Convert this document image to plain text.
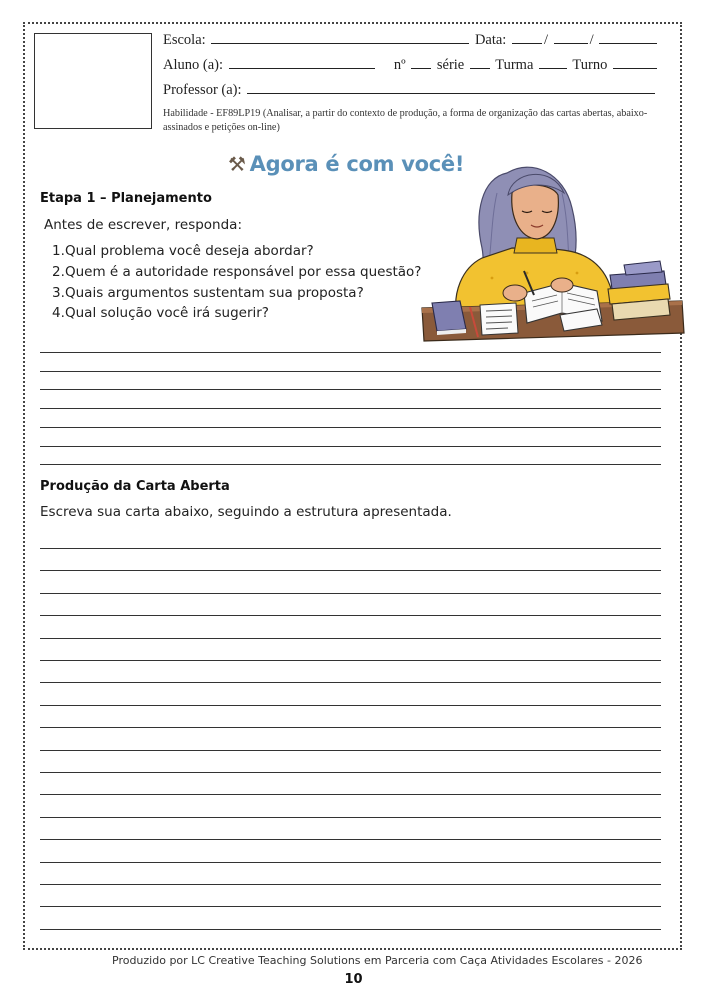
Escola:	Data:	/	/
Aluno (a):	nº série Turma	Turno
Professor (a):
Habilidade - EF89LP19 (Analisar, a partir do contexto de produção, a forma de organização das cartas abertas, abaixo-assinados e petições on-line)
⚒ Agora é com você!
Etapa 1 – Planejamento
Antes de escrever, responda:
1.Qual problema você deseja abordar?
2.Quem é a autoridade responsável por essa questão?
3.Quais argumentos sustentam sua proposta?
4.Qual solução você irá sugerir?
Produção da Carta Aberta
Escreva sua carta abaixo, seguindo a estrutura apresentada.
Produzido por LC Creative Teaching Solutions em Parceria com Caça Atividades Escolares - 2026
10
